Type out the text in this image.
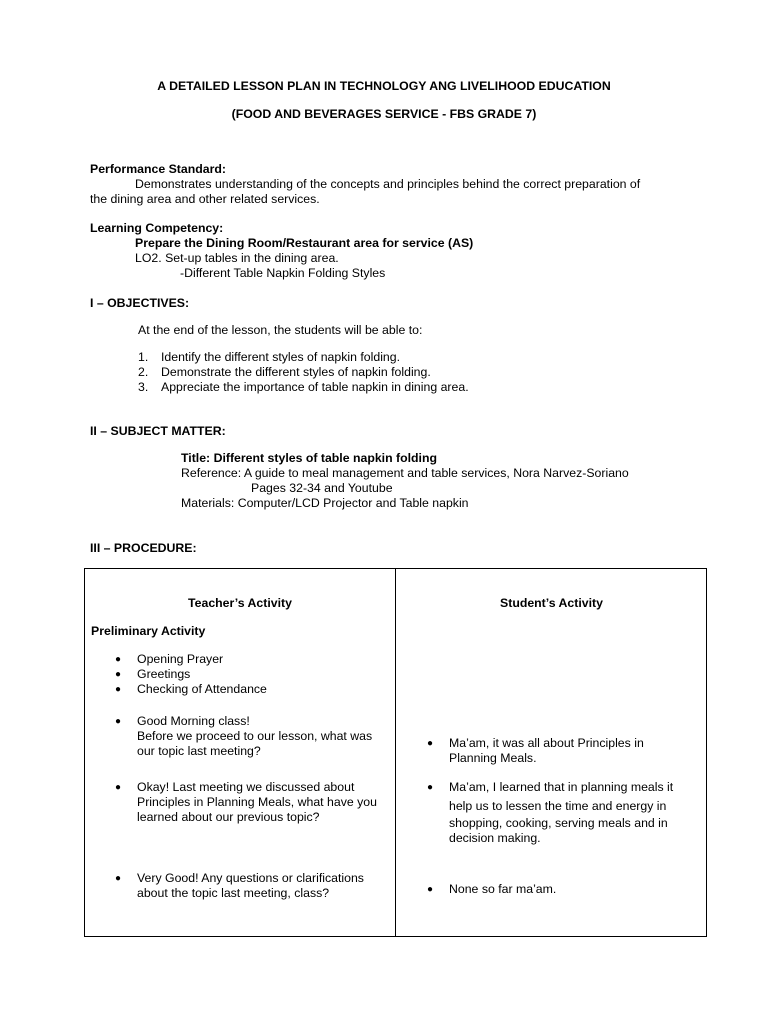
A DETAILED LESSON PLAN IN TECHNOLOGY ANG LIVELIHOOD EDUCATION
(FOOD AND BEVERAGES SERVICE - FBS GRADE 7)
Performance Standard:
Demonstrates understanding of the concepts and principles behind the correct preparation of
the dining area and other related services.
Learning Competency:
Prepare the Dining Room/Restaurant area for service (AS)
LO2. Set-up tables in the dining area.
-Different Table Napkin Folding Styles
I – OBJECTIVES:
At the end of the lesson, the students will be able to:
1. Identify the different styles of napkin folding.
2. Demonstrate the different styles of napkin folding.
3. Appreciate the importance of table napkin in dining area.
II – SUBJECT MATTER:
Title: Different styles of table napkin folding
Reference: A guide to meal management and table services, Nora Narvez-Soriano
Pages 32-34 and Youtube
Materials: Computer/LCD Projector and Table napkin
III – PROCEDURE:
Teacher’s Activity	Student’s Activity
Preliminary Activity
● Opening Prayer
● Greetings
● Checking of Attendance
● Good Morning class!
Before we proceed to our lesson, what was
our topic last meeting?
● Okay! Last meeting we discussed about
Principles in Planning Meals, what have you
learned about our previous topic?
● Very Good! Any questions or clarifications
about the topic last meeting, class?
● Ma’am, it was all about Principles in
Planning Meals.
● Ma’am, I learned that in planning meals it
help us to lessen the time and energy in
shopping, cooking, serving meals and in
decision making.
● None so far ma’am.
